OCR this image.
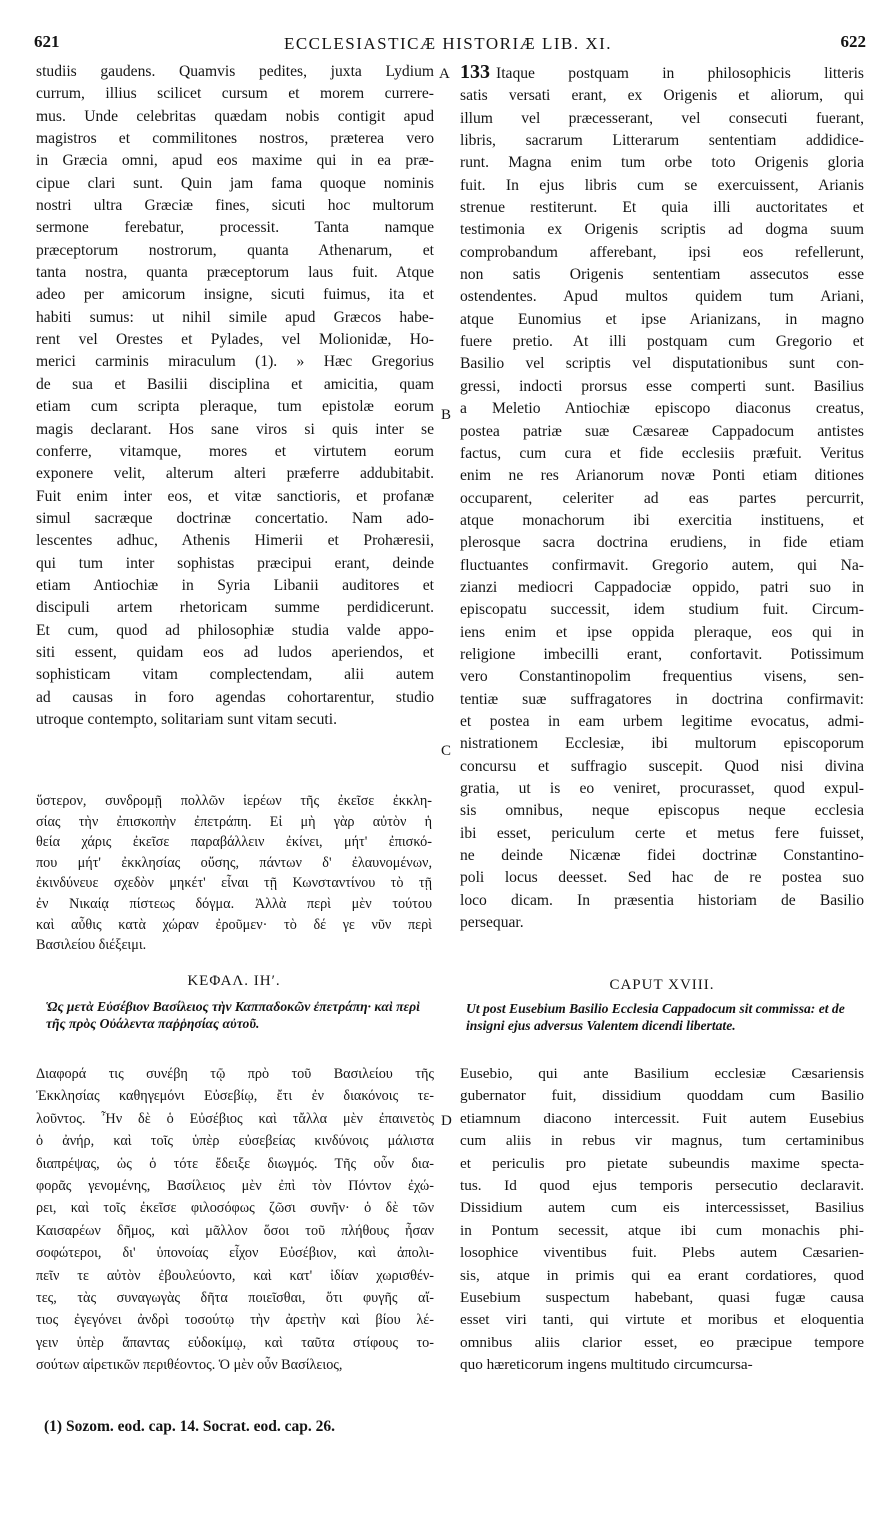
621	ECCLESIASTICÆ HISTORIÆ LIB. XI.	622
A
B
C
D
studiis gaudens. Quamvis pedites, juxta Lydium
currum, illius scilicet cursum et morem currere-
mus. Unde celebritas quædam nobis contigit apud
magistros et commilitones nostros, præterea vero
in Græcia omni, apud eos maxime qui in ea præ-
cipue clari sunt. Quin jam fama quoque nominis
nostri ultra Græciæ fines, sicuti hoc multorum
sermone ferebatur, processit. Tanta namque
præceptorum nostrorum, quanta Athenarum, et
tanta nostra, quanta præceptorum laus fuit. Atque
adeo per amicorum insigne, sicuti fuimus, ita et
habiti sumus: ut nihil simile apud Græcos habe-
rent vel Orestes et Pylades, vel Molionidæ, Ho-
merici carminis miraculum (1). » Hæc Gregorius
de sua et Basilii disciplina et amicitia, quam
etiam cum scripta pleraque, tum epistolæ eorum
magis declarant. Hos sane viros si quis inter se
conferre, vitamque, mores et virtutem eorum
exponere velit, alterum alteri præferre addubitabit.
Fuit enim inter eos, et vitæ sanctioris, et profanæ
simul sacræque doctrinæ concertatio. Nam ado-
lescentes adhuc, Athenis Himerii et Prohæresii,
qui tum inter sophistas præcipui erant, deinde
etiam Antiochiæ in Syria Libanii auditores et
discipuli artem rhetoricam summe perdidicerunt.
Et cum, quod ad philosophiæ studia valde appo-
siti essent, quidam eos ad ludos aperiendos, et
sophisticam vitam complectendam, alii autem
ad causas in foro agendas cohortarentur, studio
utroque contempto, solitariam sunt vitam secuti.
133 Itaque postquam in philosophicis litteris
satis versati erant, ex Origenis et aliorum, qui
illum vel præcesserant, vel consecuti fuerant,
libris, sacrarum Litterarum sententiam addidice-
runt. Magna enim tum orbe toto Origenis gloria
fuit. In ejus libris cum se exercuissent, Arianis
strenue restiterunt. Et quia illi auctoritates et
testimonia ex Origenis scriptis ad dogma suum
comprobandum afferebant, ipsi eos refellerunt,
non satis Origenis sententiam assecutos esse
ostendentes. Apud multos quidem tum Ariani,
atque Eunomius et ipse Arianizans, in magno
fuere pretio. At illi postquam cum Gregorio et
Basilio vel scriptis vel disputationibus sunt con-
gressi, indocti prorsus esse comperti sunt. Basilius
a Meletio Antiochiæ episcopo diaconus creatus,
postea patriæ suæ Cæsareæ Cappadocum antistes
factus, cum cura et fide ecclesiis præfuit. Veritus
enim ne res Arianorum novæ Ponti etiam ditiones
occuparent, celeriter ad eas partes percurrit,
atque monachorum ibi exercitia instituens, et
plerosque sacra doctrina erudiens, in fide etiam
fluctuantes confirmavit. Gregorio autem, qui Na-
zianzi mediocri Cappadociæ oppido, patri suo in
episcopatu successit, idem studium fuit. Circum-
iens enim et ipse oppida pleraque, eos qui in
religione imbecilli erant, confortavit. Potissimum
vero Constantinopolim frequentius visens, sen-
tentiæ suæ suffragatores in doctrina confirmavit:
et postea in eam urbem legitime evocatus, admi-
nistrationem Ecclesiæ, ibi multorum episcoporum
concursu et suffragio suscepit. Quod nisi divina
gratia, ut is eo veniret, procurasset, quod expul-
sis omnibus, neque episcopus neque ecclesia
ibi esset, periculum certe et metus fere fuisset,
ne deinde Nicænæ fidei doctrinæ Constantino-
poli locus deesset. Sed hac de re postea suo
loco dicam. In præsentia historiam de Basilio
persequar.
ὕστερον, συνδρομῇ πολλῶν ἱερέων τῆς ἐκεῖσε ἐκκλη-
σίας τὴν ἐπισκοπὴν ἐπετράπη. Εἰ μὴ γὰρ αὐτὸν ἡ
θεία χάρις ἐκεῖσε παραβάλλειν ἐκίνει, μήτ' ἐπισκό-
που μήτ' ἐκκλησίας οὔσης, πάντων δ' ἐλαυνομένων,
ἐκινδύνευε σχεδὸν μηκέτ' εἶναι τῇ Κωνσταντίνου τὸ τῇ
ἐν Νικαίᾳ πίστεως δόγμα. Ἀλλὰ περὶ μὲν τούτου
καὶ αὖθις κατὰ χώραν ἐροῦμεν· τὸ δέ γε νῦν περὶ
Βασιλείου διέξειμι.
ΚΕΦΑΛ. ΙΗʹ.
Ὡς μετὰ Εὐσέβιον Βασίλειος τὴν Καππαδοκῶν ἐπετράπη· καὶ περὶ τῆς πρὸς Οὐάλεντα παῤῥησίας αὐτοῦ.
CAPUT XVIII.
Ut post Eusebium Basilio Ecclesia Cappadocum sit commissa: et de insigni ejus adversus Valentem dicendi libertate.
Διαφορά τις συνέβη τῷ πρὸ τοῦ Βασιλείου τῆς
Ἐκκλησίας καθηγεμόνι Εὐσεβίῳ, ἔτι ἐν διακόνοις τε-
λοῦντος. Ἦν δὲ ὁ Εὐσέβιος καὶ τἄλλα μὲν ἐπαινετὸς
ὁ ἀνήρ, καὶ τοῖς ὑπὲρ εὐσεβείας κινδύνοις μάλιστα
διαπρέψας, ὡς ὁ τότε ἔδειξε διωγμός. Τῆς οὖν δια-
φορᾶς γενομένης, Βασίλειος μὲν ἐπὶ τὸν Πόντον ἐχώ-
ρει, καὶ τοῖς ἐκεῖσε φιλοσόφως ζῶσι συνῆν· ὁ δὲ τῶν
Καισαρέων δῆμος, καὶ μᾶλλον ὅσοι τοῦ πλήθους ἦσαν
σοφώτεροι, δι' ὑπονοίας εἶχον Εὐσέβιον, καὶ ἀπολι-
πεῖν τε αὐτὸν ἐβουλεύοντο, καὶ κατ' ἰδίαν χωρισθέν-
τες, τὰς συναγωγὰς δῆτα ποιεῖσθαι, ὅτι φυγῆς αἴ-
τιος ἐγεγόνει ἀνδρὶ τοσούτῳ τὴν ἀρετὴν καὶ βίου λέ-
γειν ὑπὲρ ἅπαντας εὐδοκίμῳ, καὶ ταῦτα στίφους το-
σούτων αἱρετικῶν περιθέοντος. Ὁ μὲν οὖν Βασίλειος,
Eusebio, qui ante Basilium ecclesiæ Cæsariensis
gubernator fuit, dissidium quoddam cum Basilio
etiamnum diacono intercessit. Fuit autem Eusebius
cum aliis in rebus vir magnus, tum certaminibus
et periculis pro pietate subeundis maxime specta-
tus. Id quod ejus temporis persecutio declaravit.
Dissidium autem cum eis intercessisset, Basilius
in Pontum secessit, atque ibi cum monachis phi-
losophice viventibus fuit. Plebs autem Cæsarien-
sis, atque in primis qui ea erant cordatiores, quod
Eusebium suspectum habebant, quasi fugæ causa
esset viri tanti, qui virtute et moribus et eloquentia
omnibus aliis clarior esset, eo præcipue tempore
quo hæreticorum ingens multitudo circumcursa-
(1) Sozom. eod. cap. 14. Socrat. eod. cap. 26.
